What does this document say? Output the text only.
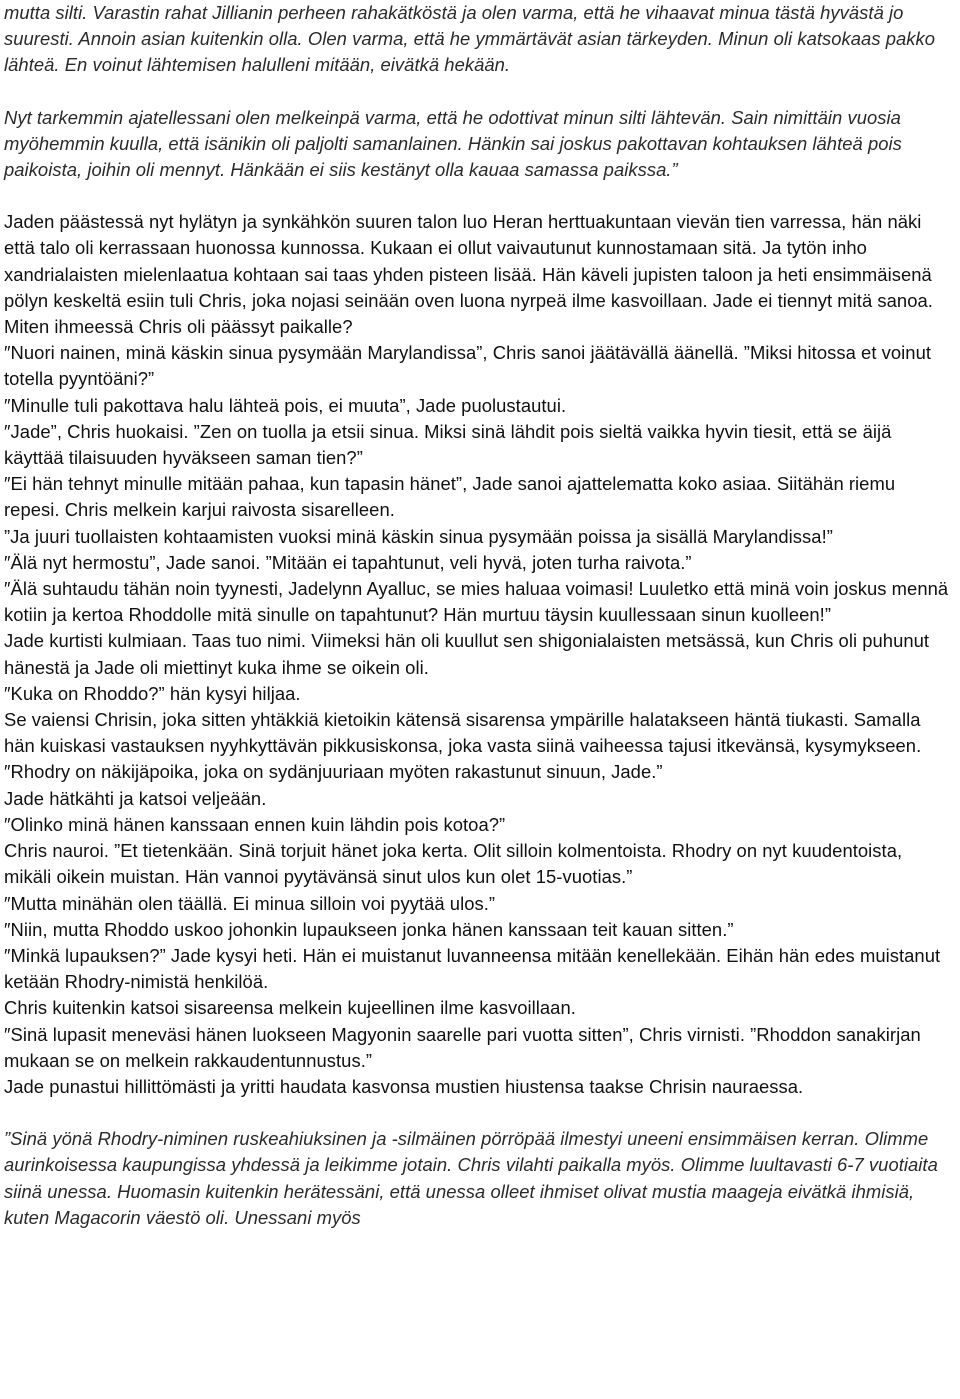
mutta silti. Varastin rahat Jillianin perheen rahakätköstä ja olen varma, että he vihaavat minua tästä hyvästä jo suuresti. Annoin asian kuitenkin olla. Olen varma, että he ymmärtävät asian tärkeyden. Minun oli katsokaas pakko lähteä. En voinut lähtemisen halulleni mitään, eivätkä hekään.

Nyt tarkemmin ajatellessani olen melkeinpä varma, että he odottivat minun silti lähtevän. Sain nimittäin vuosia myöhemmin kuulla, että isänikin oli paljolti samanlainen. Hänkin sai joskus pakottavan kohtauksen lähteä pois paikoista, joihin oli mennyt. Hänkään ei siis kestänyt olla kauaa samassa paikssa.”

Jaden päästessä nyt hylätyn ja synkähkön suuren talon luo Heran herttuakuntaan vievän tien varressa, hän näki että talo oli kerrassaan huonossa kunnossa. Kukaan ei ollut vaivautunut kunnostamaan sitä. Ja tytön inho xandrialaisten mielenlaatua kohtaan sai taas yhden pisteen lisää. Hän käveli jupisten taloon ja heti ensimmäisenä pölyn keskeltä esiin tuli Chris, joka nojasi seinään oven luona nyrpeä ilme kasvoillaan. Jade ei tiennyt mitä sanoa. Miten ihmeessä Chris oli päässyt paikalle?

″Nuori nainen, minä käskin sinua pysymään Marylandissa”, Chris sanoi jäätävällä äänellä. ”Miksi hitossa et voinut totella pyyntöäni?”

″Minulle tuli pakottava halu lähteä pois, ei muuta”, Jade puolustautui.

″Jade”, Chris huokaisi. ”Zen on tuolla ja etsii sinua. Miksi sinä lähdit pois sieltä vaikka hyvin tiesit, että se äijä käyttää tilaisuuden hyväkseen saman tien?”

″Ei hän tehnyt minulle mitään pahaa, kun tapasin hänet”, Jade sanoi ajattelematta koko asiaa. Siitähän riemu repesi. Chris melkein karjui raivosta sisarelleen.

”Ja juuri tuollaisten kohtaamisten vuoksi minä käskin sinua pysymään poissa ja sisällä Marylandissa!”

″Älä nyt hermostu”, Jade sanoi. ”Mitään ei tapahtunut, veli hyvä, joten turha raivota.”

″Älä suhtaudu tähän noin tyynesti, Jadelynn Ayalluc, se mies haluaa voimasi! Luuletko että minä voin joskus mennä kotiin ja kertoa Rhoddolle mitä sinulle on tapahtunut? Hän murtuu täysin kuullessaan sinun kuolleen!”

Jade kurtisti kulmiaan. Taas tuo nimi. Viimeksi hän oli kuullut sen shigonialaisten metsässä, kun Chris oli puhunut hänestä ja Jade oli miettinyt kuka ihme se oikein oli.

″Kuka on Rhoddo?” hän kysyi hiljaa.

Se vaiensi Chrisin, joka sitten yhtäkkiä kietoikin kätensä sisarensa ympärille halatakseen häntä tiukasti. Samalla hän kuiskasi vastauksen nyyhkyttävän pikkusiskonsa, joka vasta siinä vaiheessa tajusi itkevänsä, kysymykseen.

″Rhodry on näkijäpoika, joka on sydänjuuriaan myöten rakastunut sinuun, Jade.”

Jade hätkähti ja katsoi veljeään.

″Olinko minä hänen kanssaan ennen kuin lähdin pois kotoa?”

Chris nauroi. ”Et tietenkään. Sinä torjuit hänet joka kerta. Olit silloin kolmentoista. Rhodry on nyt kuudentoista, mikäli oikein muistan. Hän vannoi pyytävänsä sinut ulos kun olet 15-vuotias.”

″Mutta minähän olen täällä. Ei minua silloin voi pyytää ulos.”

″Niin, mutta Rhoddo uskoo johonkin lupaukseen jonka hänen kanssaan teit kauan sitten.”

″Minkä lupauksen?” Jade kysyi heti. Hän ei muistanut luvanneensa mitään kenellekään. Eihän hän edes muistanut ketään Rhodry-nimistä henkilöä.

Chris kuitenkin katsoi sisareensa melkein kujeellinen ilme kasvoillaan.

″Sinä lupasit meneväsi hänen luokseen Magyonin saarelle pari vuotta sitten”, Chris virnisti. ”Rhoddon sanakirjan mukaan se on melkein rakkaudentunnustus.”

Jade punastui hillittömästi ja yritti haudata kasvonsa mustien hiustensa taakse Chrisin nauraessa.

”Sinä yönä Rhodry-niminen ruskeahiuksinen ja -silmäinen pörröpää ilmestyi uneeni ensimmäisen kerran. Olimme aurinkoisessa kaupungissa yhdessä ja leikimme jotain. Chris vilahti paikalla myös. Olimme luultavasti 6-7 vuotiaita siinä unessa. Huomasin kuitenkin herätessäni, että unessa olleet ihmiset olivat mustia maageja eivätkä ihmisiä, kuten Magacorin väestö oli. Unessani myös
